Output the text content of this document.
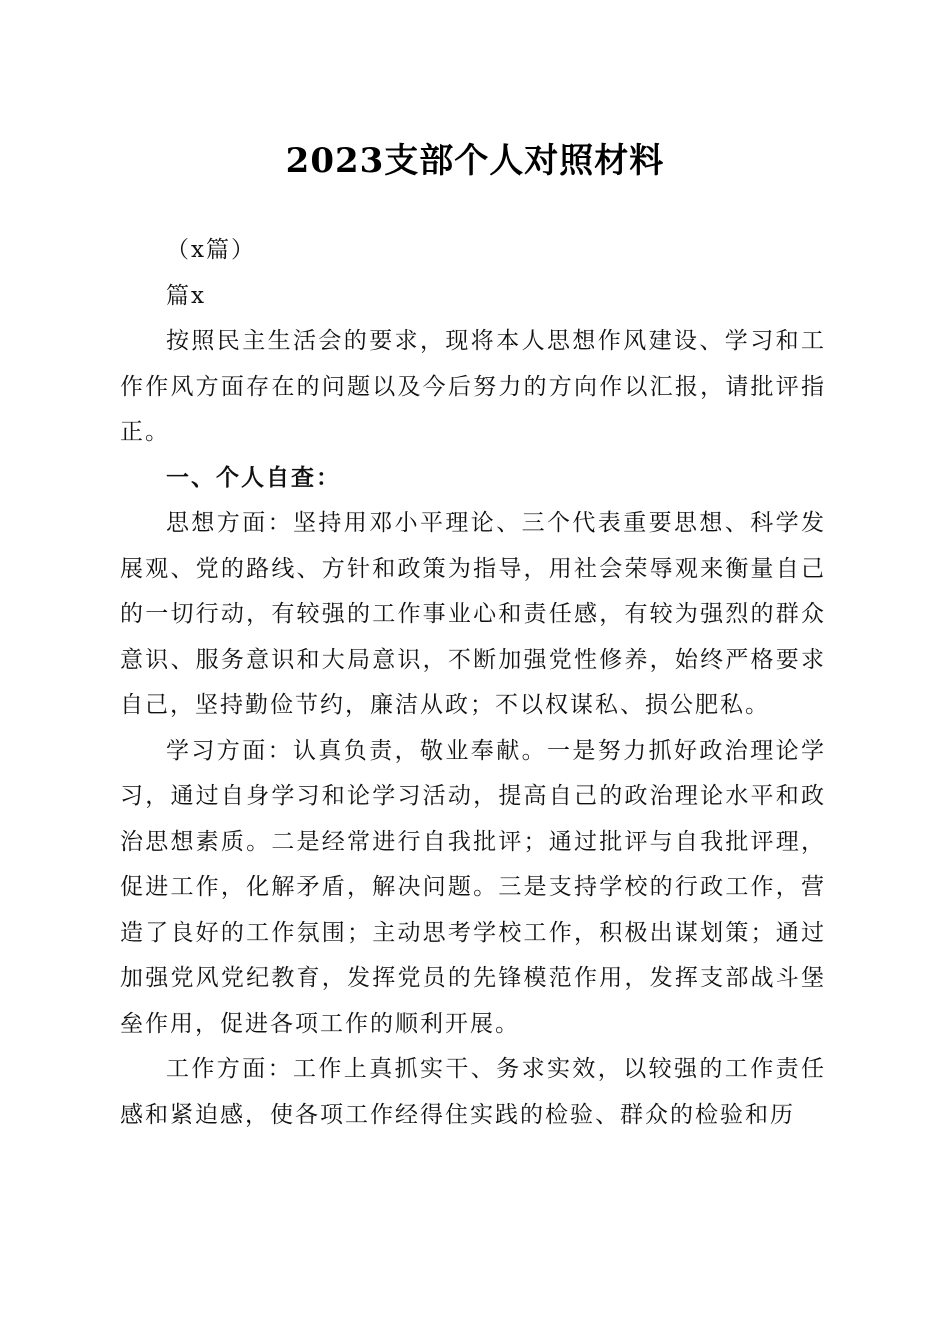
2023支部个人对照材料

（x篇）

篇x

按照民主生活会的要求，现将本人思想作风建设、学习和工作作风方面存在的问题以及今后努力的方向作以汇报，请批评指正。

一、个人自查：

思想方面：坚持用邓小平理论、三个代表重要思想、科学发展观、党的路线、方针和政策为指导，用社会荣辱观来衡量自己的一切行动，有较强的工作事业心和责任感，有较为强烈的群众意识、服务意识和大局意识，不断加强党性修养，始终严格要求自己，坚持勤俭节约，廉洁从政；不以权谋私、损公肥私。

学习方面：认真负责，敬业奉献。一是努力抓好政治理论学习，通过自身学习和论学习活动，提高自己的政治理论水平和政治思想素质。二是经常进行自我批评；通过批评与自我批评理，促进工作，化解矛盾，解决问题。三是支持学校的行政工作，营造了良好的工作氛围；主动思考学校工作，积极出谋划策；通过加强党风党纪教育，发挥党员的先锋模范作用，发挥支部战斗堡垒作用，促进各项工作的顺利开展。

工作方面：工作上真抓实干、务求实效，以较强的工作责任感和紧迫感，使各项工作经得住实践的检验、群众的检验和历
